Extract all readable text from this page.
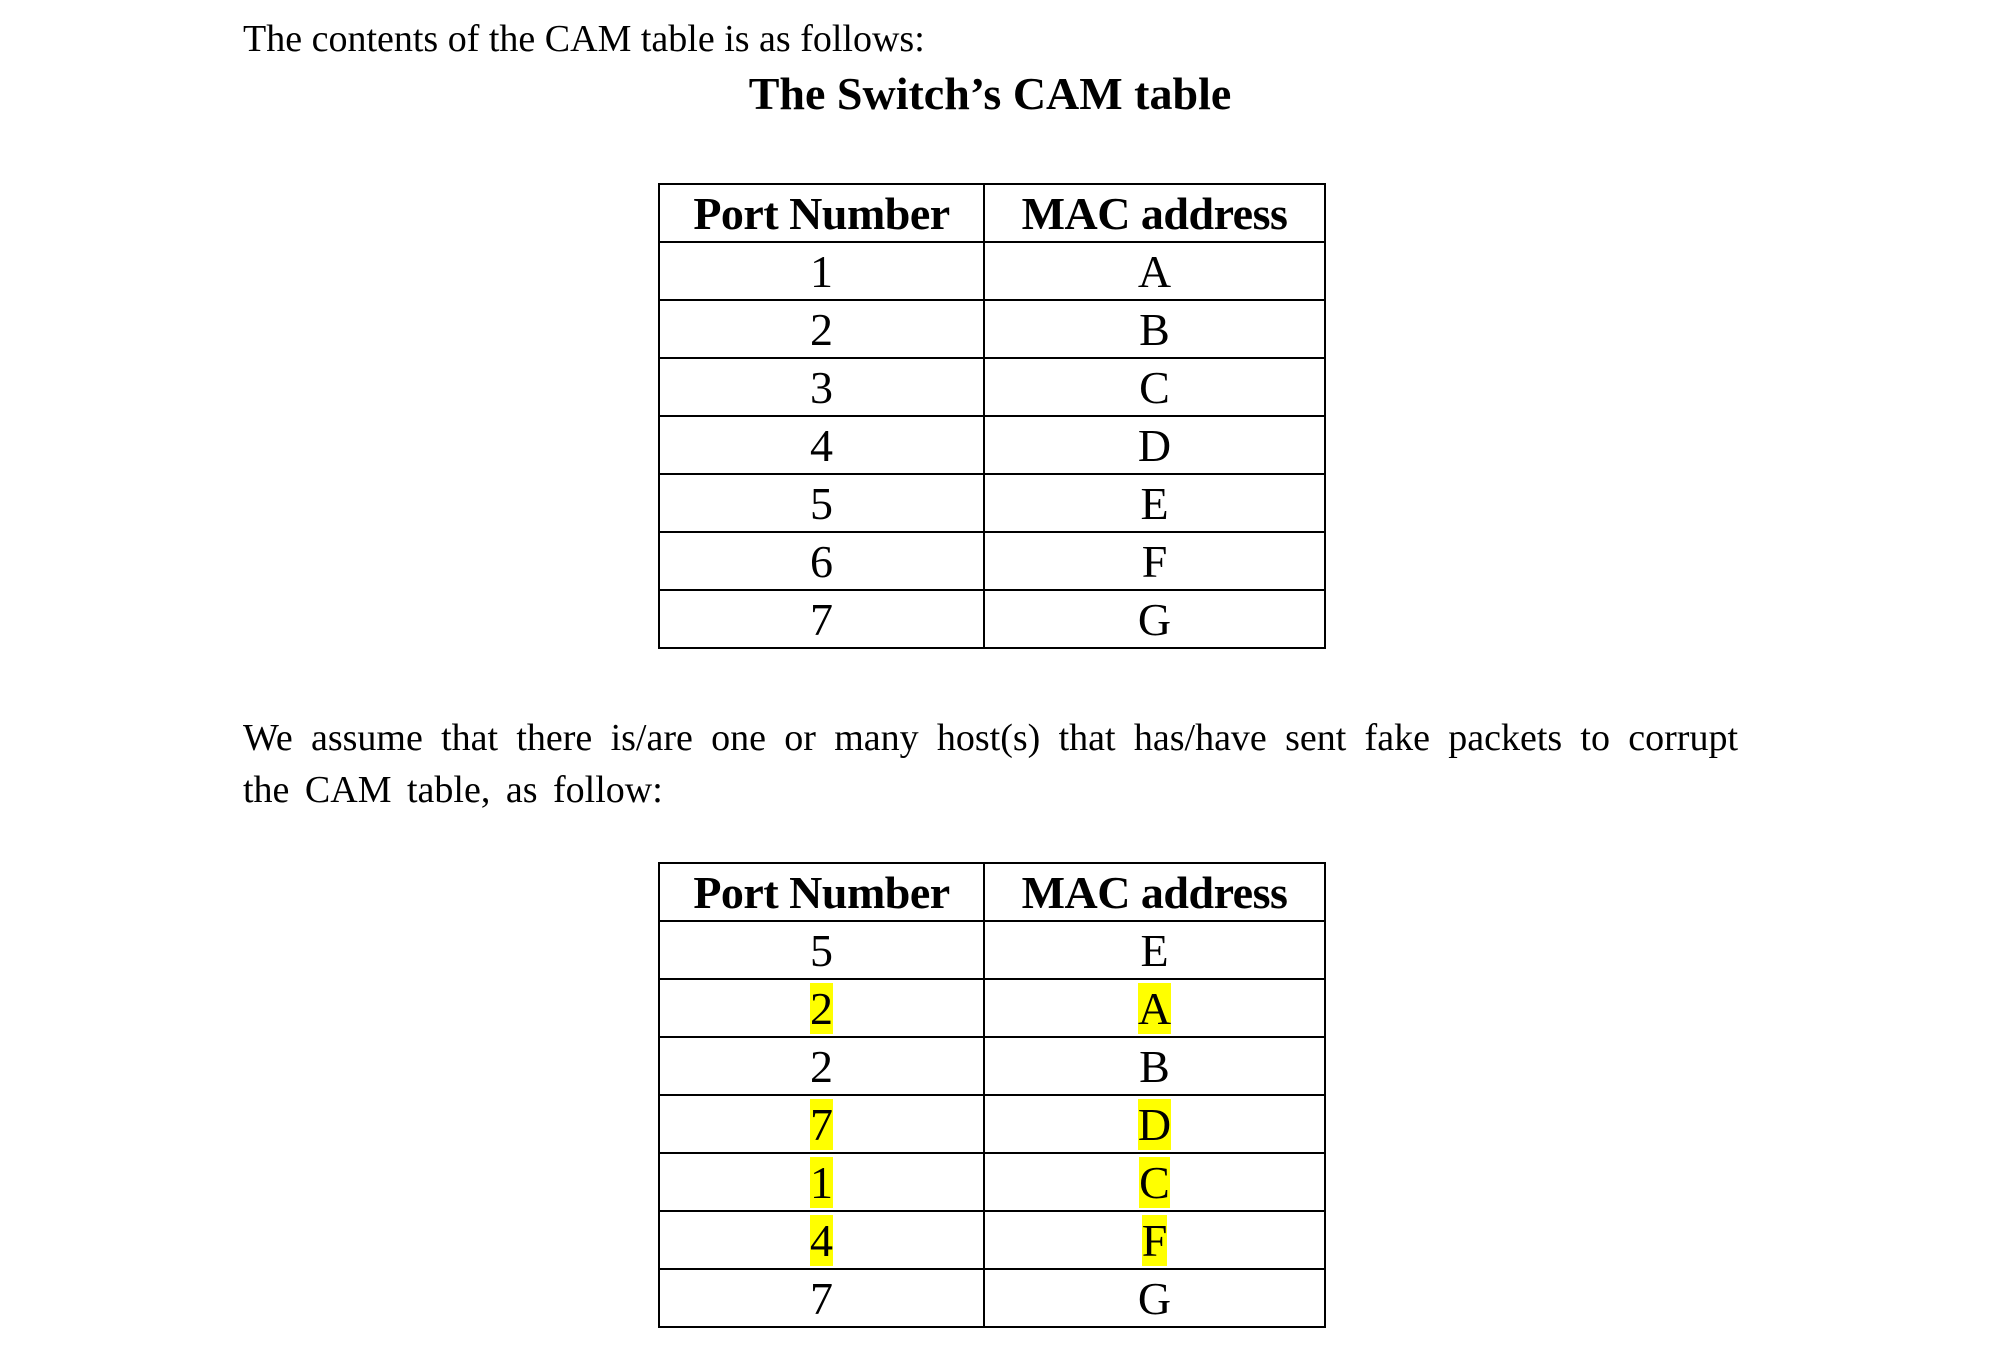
The contents of the CAM table is as follows:

The Switch’s CAM table
Port Number	MAC address
1	A
2	B
3	C
4	D
5	E
6	F
7	G

We assume that there is/are one or many host(s) that has/have sent fake packets to corrupt the CAM table, as follow:

Port Number	MAC address
5	E
2	A
2	B
7	D
1	C
4	F
7	G
